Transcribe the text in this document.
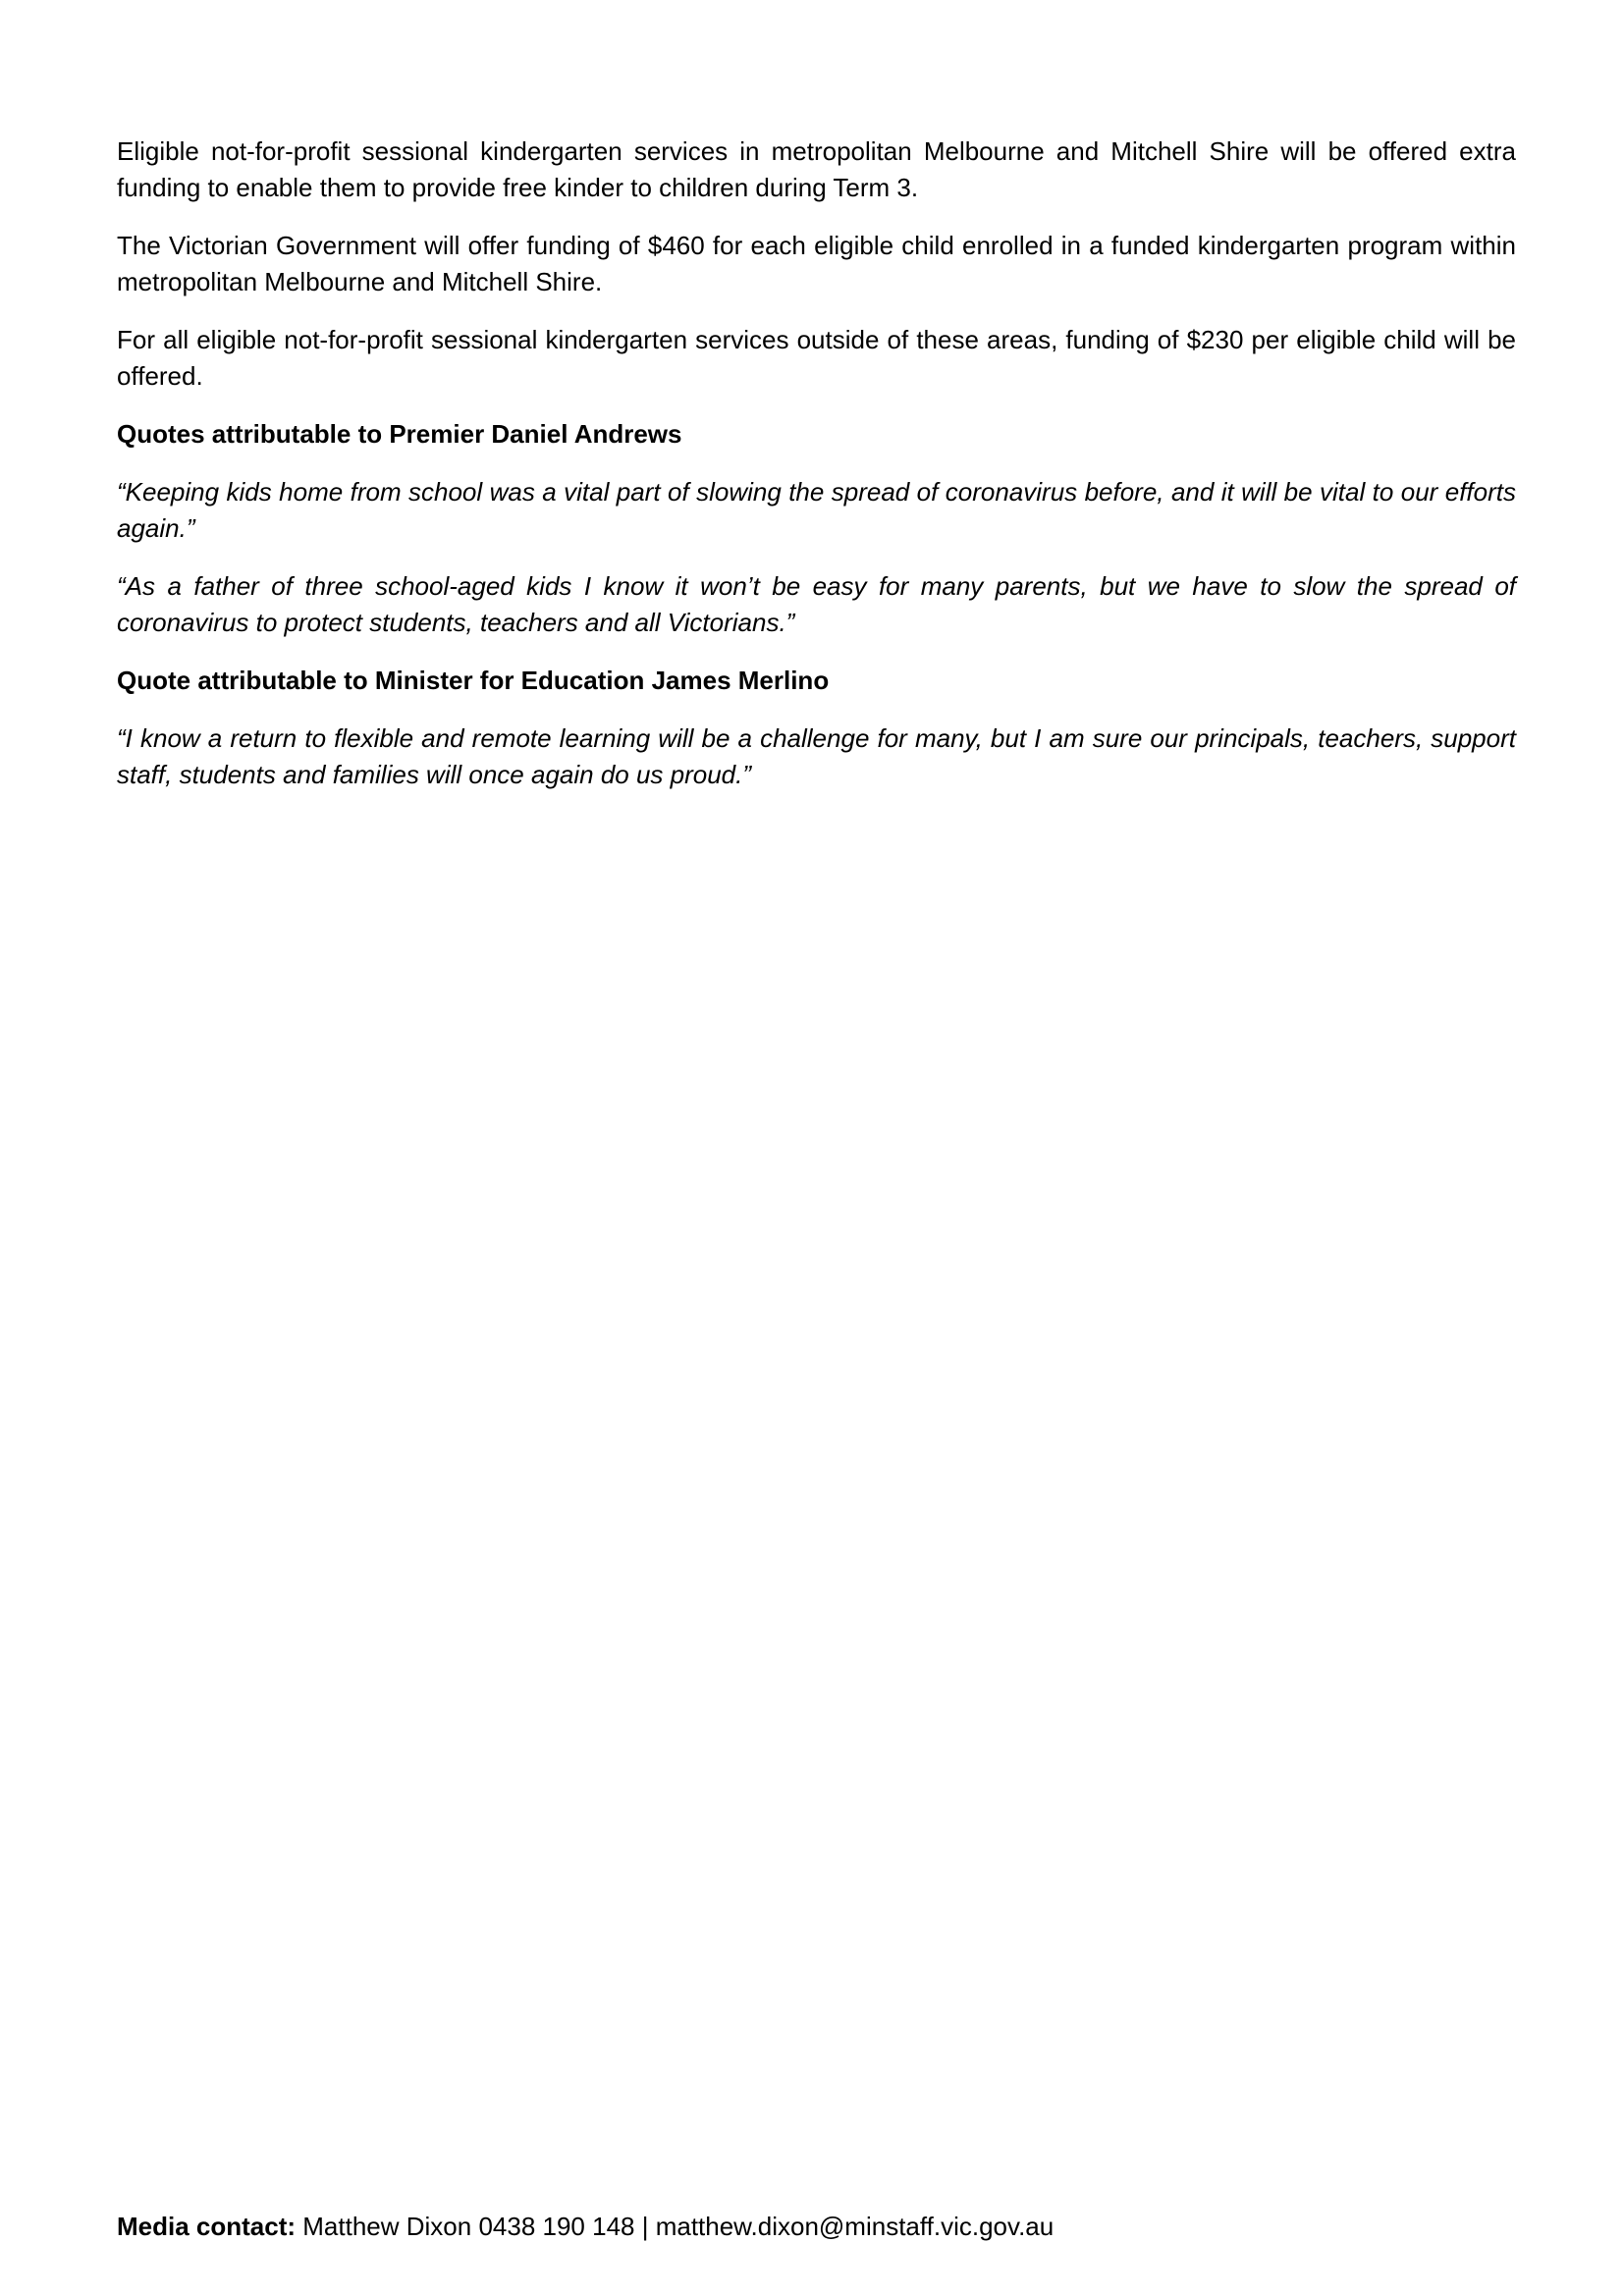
Eligible not-for-profit sessional kindergarten services in metropolitan Melbourne and Mitchell Shire will be offered extra funding to enable them to provide free kinder to children during Term 3.

The Victorian Government will offer funding of $460 for each eligible child enrolled in a funded kindergarten program within metropolitan Melbourne and Mitchell Shire.

For all eligible not-for-profit sessional kindergarten services outside of these areas, funding of $230 per eligible child will be offered.

Quotes attributable to Premier Daniel Andrews

“Keeping kids home from school was a vital part of slowing the spread of coronavirus before, and it will be vital to our efforts again.”

“As a father of three school-aged kids I know it won’t be easy for many parents, but we have to slow the spread of coronavirus to protect students, teachers and all Victorians.”

Quote attributable to Minister for Education James Merlino

“I know a return to flexible and remote learning will be a challenge for many, but I am sure our principals, teachers, support staff, students and families will once again do us proud.”

Media contact: Matthew Dixon 0438 190 148 | matthew.dixon@minstaff.vic.gov.au
